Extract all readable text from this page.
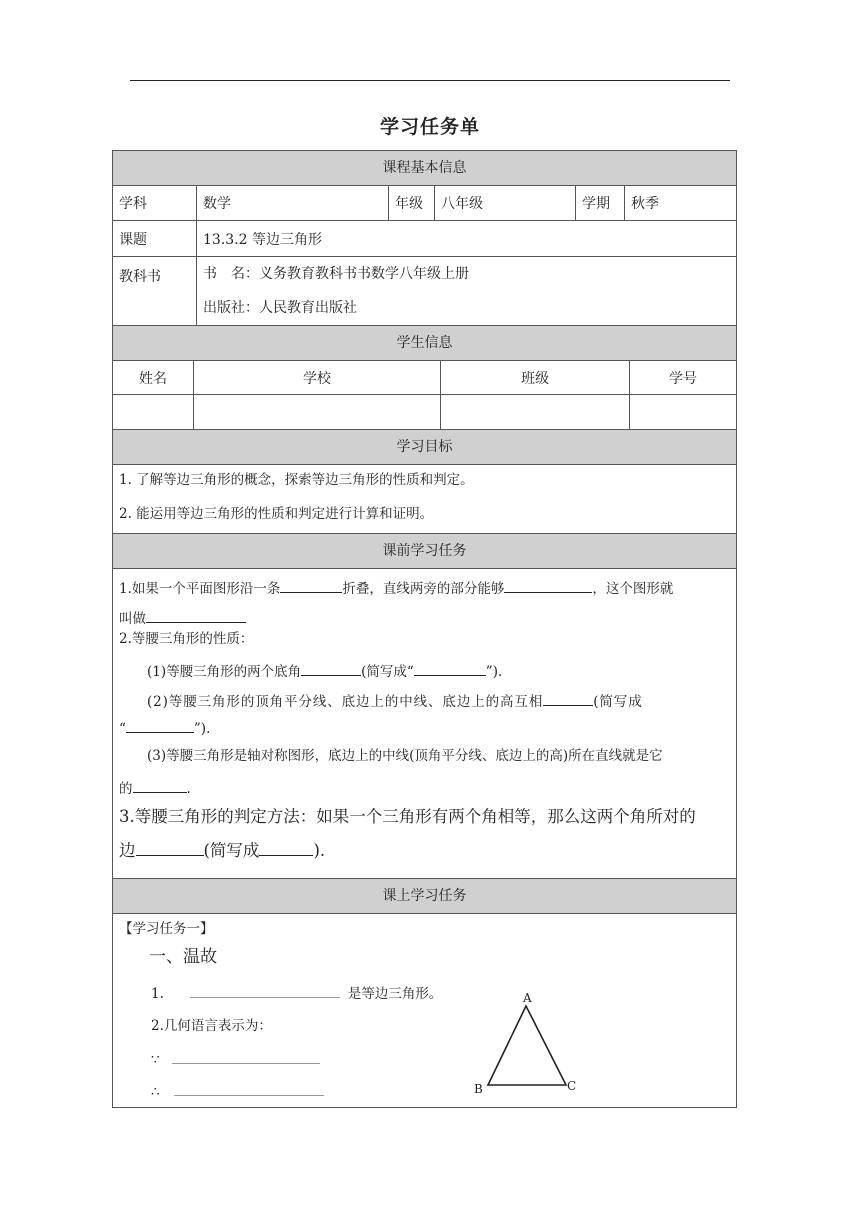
学习任务单
课程基本信息
学科	数学	年级	八年级	学期	秋季
课题	13.3.2 等边三角形
教科书	书　名：义务教育教科书书数学八年级上册
出版社：人民教育出版社
学生信息
姓名	学校	班级	学号
学习目标
1. 了解等边三角形的概念，探索等边三角形的性质和判定。
2. 能运用等边三角形的性质和判定进行计算和证明。
课前学习任务
1.如果一个平面图形沿一条	折叠，直线两旁的部分能够	，这个图形就
叫做
2.等腰三角形的性质：
(1)等腰三角形的两个底角	(简写成“	”).
(2)等腰三角形的顶角平分线、底边上的中线、底边上的高互相	(简写成
“	”).
(3)等腰三角形是轴对称图形，底边上的中线(顶角平分线、底边上的高)所在直线就是它
的	.
3.等腰三角形的判定方法：如果一个三角形有两个角相等，那么这两个角所对的
边	(简写成	).
课上学习任务
【学习任务一】
一、温故
1.	是等边三角形。
2.几何语言表示为：
∵
∴
A
B	C
